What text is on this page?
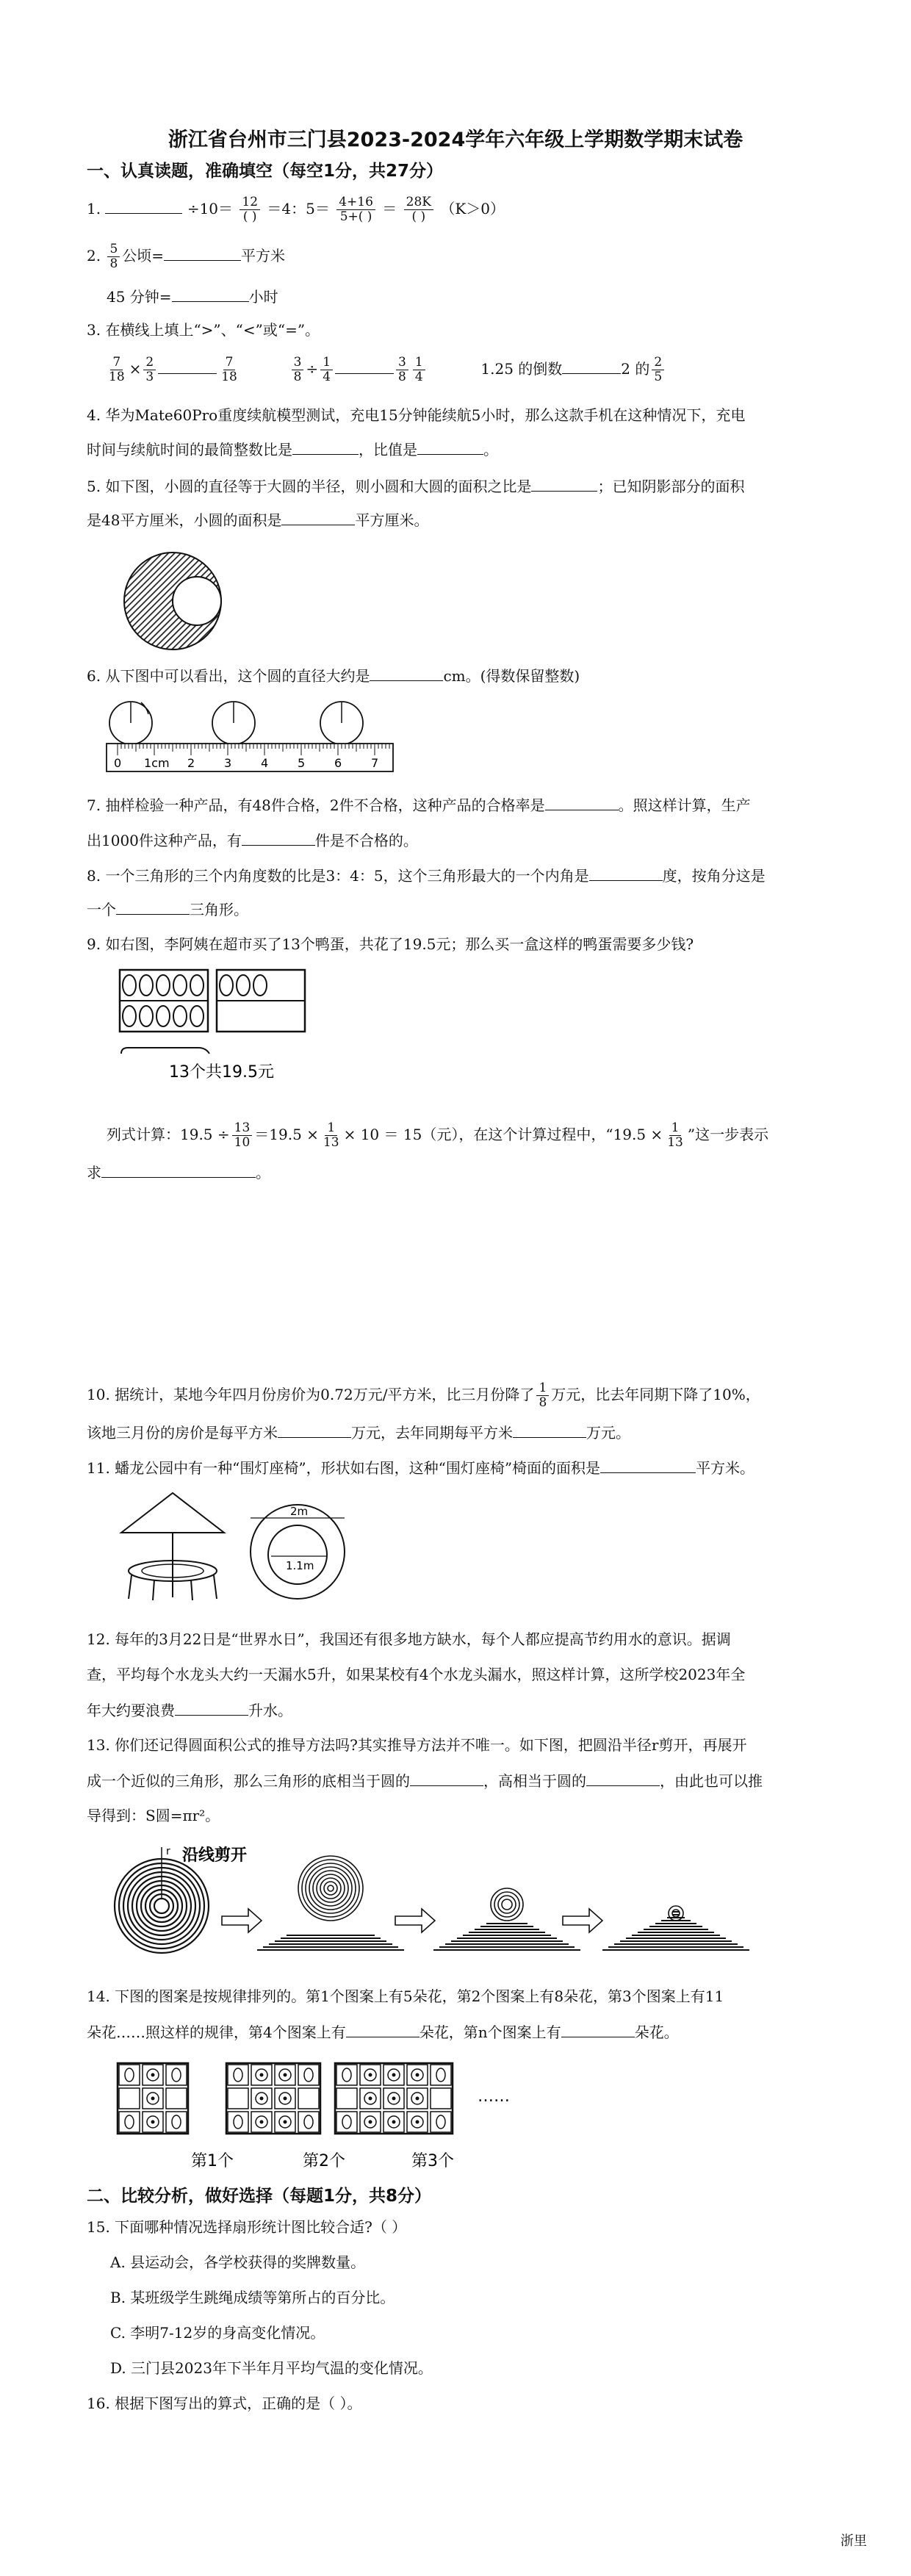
浙江省台州市三门县2023-2024学年六年级上学期数学期末试卷
一、认真读题，准确填空（每空1分，共27分）
1.	$\div 10= \frac{12}{( )} =4$：$5= \frac{4+16}{5+( )} = \frac{28K}{( )} (K>0)$
2. $\frac{5}{8}$ 公顷=	平方米
45 分钟=	小时
3. 在横线上填上“>”、“<”或“=”。
$\frac{7}{18} \times \frac{2}{3}$	$\frac{7}{18}$
	$\frac{3}{8} \div \frac{1}{4}$	$\frac{3}{8} \frac{1}{4}$	1.25 的倒数	2 的 $\frac{2}{5}$
4. 华为Mate60Pro重度续航模型测试，充电15分钟能续航5小时，那么这款手机在这种情况下，充电
时间与续航时间的最简整数比是	，比值是	。
5. 如下图，小圆的直径等于大圆的半径，则小圆和大圆的面积之比是	；已知阴影部分的面积
是48平方厘米，小圆的面积是	平方厘米。
6. 从下图中可以看出，这个圆的直径大约是	cm。(得数保留整数)
0 1cm 2 3 4 5 6 7
7. 抽样检验一种产品，有48件合格，2件不合格，这种产品的合格率是	。照这样计算，生产
出1000件这种产品，有	件是不合格的。
8. 一个三角形的三个内角度数的比是3：4：5，这个三角形最大的一个内角是	度，按角分这是
一个	三角形。
9. 如右图，李阿姨在超市买了13个鸭蛋，共花了19.5元；那么买一盒这样的鸭蛋需要多少钱?
13个共19.5元
列式计算：$19.5 \div \frac{13}{10} =19.5 \times \frac{1}{13} \times 10 = 15$（元），在这个计算过程中，“$19.5 \times \frac{1}{13}$ ”这一步表示
求	。
10. 据统计，某地今年四月份房价为0.72万元/平方米，比三月份降了 $\frac{1}{8}$ 万元，比去年同期下降了10%，
该地三月份的房价是每平方米	万元，去年同期每平方米	万元。
11. 蟠龙公园中有一种“围灯座椅”，形状如右图，这种“围灯座椅”椅面的面积是	平方米。
2m
1.1m
12. 每年的3月22日是“世界水日”，我国还有很多地方缺水，每个人都应提高节约用水的意识。据调
查，平均每个水龙头大约一天漏水5升，如果某校有4个水龙头漏水，照这样计算，这所学校2023年全
年大约要浪费	升水。
13. 你们还记得圆面积公式的推导方法吗?其实推导方法并不唯一。如下图，把圆沿半径r剪开，再展开
成一个近似的三角形，那么三角形的底相当于圆的	，高相当于圆的	，由此也可以推
导得到：S圆=πr²。
r 沿线剪开
14. 下图的图案是按规律排列的。第1个图案上有5朵花，第2个图案上有8朵花，第3个图案上有11
朵花……照这样的规律，第4个图案上有	朵花，第n个图案上有	朵花。
第1个	第2个	第3个
……
二、比较分析，做好选择（每题1分，共8分）
15. 下面哪种情况选择扇形统计图比较合适?（ ）
A. 县运动会，各学校获得的奖牌数量。
B. 某班级学生跳绳成绩等第所占的百分比。
C. 李明7-12岁的身高变化情况。
D. 三门县2023年下半年月平均气温的变化情况。
16. 根据下图写出的算式，正确的是（ ）。
浙里
